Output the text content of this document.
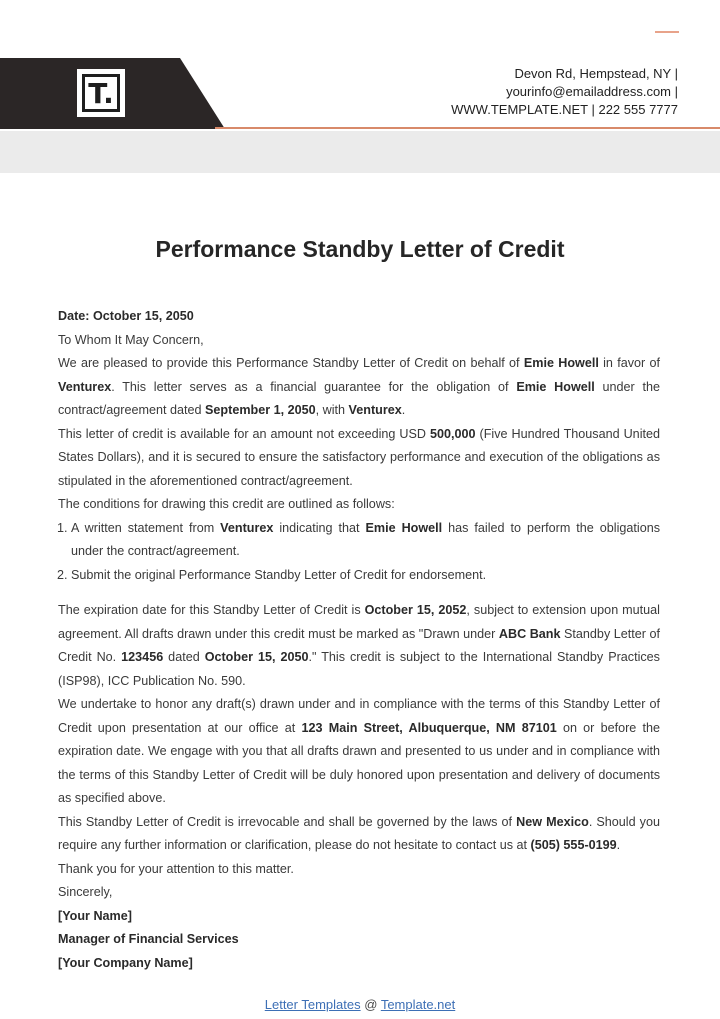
T.
Devon Rd, Hempstead, NY |
yourinfo@emailaddress.com |
WWW.TEMPLATE.NET | 222 555 7777
Performance Standby Letter of Credit

Date: October 15, 2050

To Whom It May Concern,

We are pleased to provide this Performance Standby Letter of Credit on behalf of Emie Howell in favor of Venturex. This letter serves as a financial guarantee for the obligation of Emie Howell under the contract/agreement dated September 1, 2050, with Venturex.

This letter of credit is available for an amount not exceeding USD 500,000 (Five Hundred Thousand United States Dollars), and it is secured to ensure the satisfactory performance and execution of the obligations as stipulated in the aforementioned contract/agreement.

The conditions for drawing this credit are outlined as follows:

1. A written statement from Venturex indicating that Emie Howell has failed to perform the obligations under the contract/agreement.
2. Submit the original Performance Standby Letter of Credit for endorsement.

The expiration date for this Standby Letter of Credit is October 15, 2052, subject to extension upon mutual agreement. All drafts drawn under this credit must be marked as "Drawn under ABC Bank Standby Letter of Credit No. 123456 dated October 15, 2050." This credit is subject to the International Standby Practices (ISP98), ICC Publication No. 590.

We undertake to honor any draft(s) drawn under and in compliance with the terms of this Standby Letter of Credit upon presentation at our office at 123 Main Street, Albuquerque, NM 87101 on or before the expiration date. We engage with you that all drafts drawn and presented to us under and in compliance with the terms of this Standby Letter of Credit will be duly honored upon presentation and delivery of documents as specified above.

This Standby Letter of Credit is irrevocable and shall be governed by the laws of New Mexico. Should you require any further information or clarification, please do not hesitate to contact us at (505) 555-0199.

Thank you for your attention to this matter.

Sincerely,

[Your Name]

Manager of Financial Services

[Your Company Name]

Letter Templates @ Template.net
